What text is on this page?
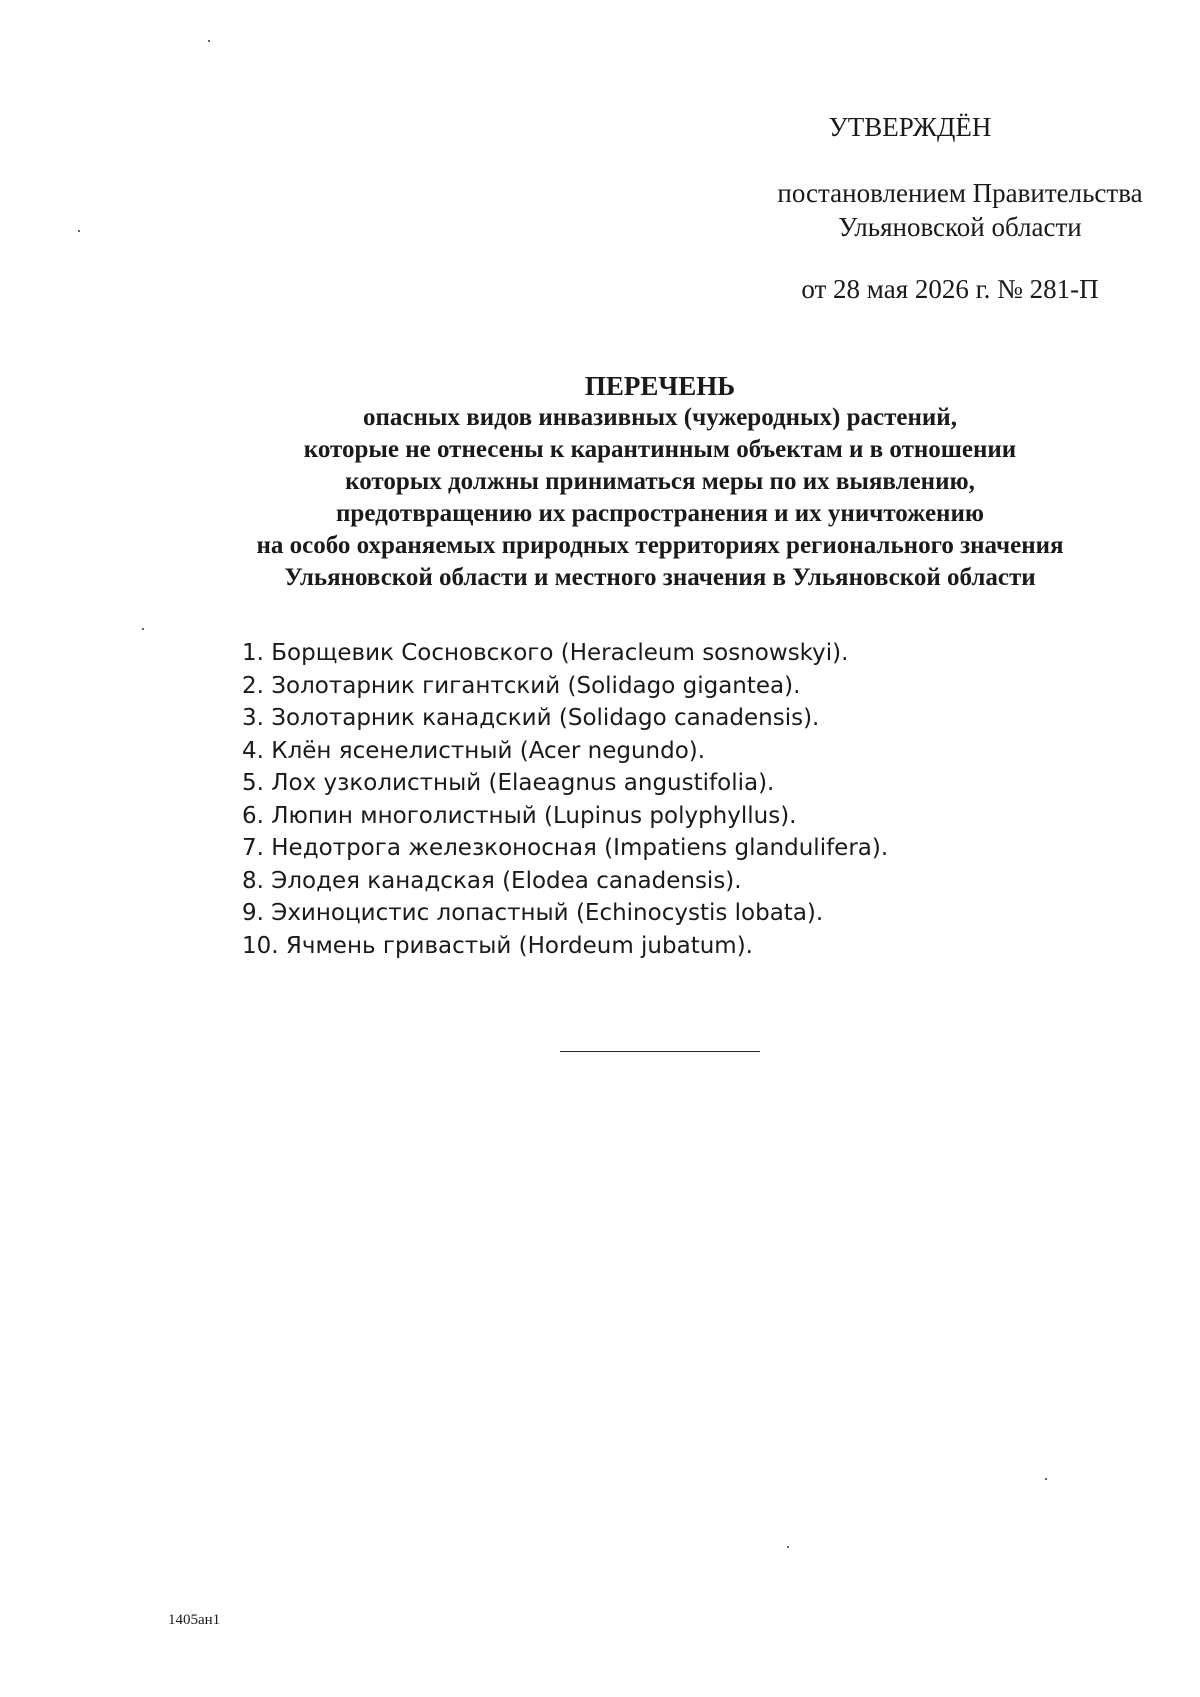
УТВЕРЖДЁН
постановлением Правительства
Ульяновской области
от 28 мая 2026 г. № 281-П
ПЕРЕЧЕНЬ
опасных видов инвазивных (чужеродных) растений,
которые не отнесены к карантинным объектам и в отношении
которых должны приниматься меры по их выявлению,
предотвращению их распространения и их уничтожению
на особо охраняемых природных территориях регионального значения
Ульяновской области и местного значения в Ульяновской области
1. Борщевик Сосновского (Heracleum sosnowskyi).
2. Золотарник гигантский (Solidago gigantea).
3. Золотарник канадский (Solidago canadensis).
4. Клён ясенелистный (Acer negundo).
5. Лох узколистный (Elaeagnus angustifolia).
6. Люпин многолистный (Lupinus polyphyllus).
7. Недотрога железконосная (Impatiens glandulifera).
8. Элодея канадская (Elodea canadensis).
9. Эхиноцистис лопастный (Echinocystis lobata).
10. Ячмень гривастый (Hordeum jubatum).
1405ан1
